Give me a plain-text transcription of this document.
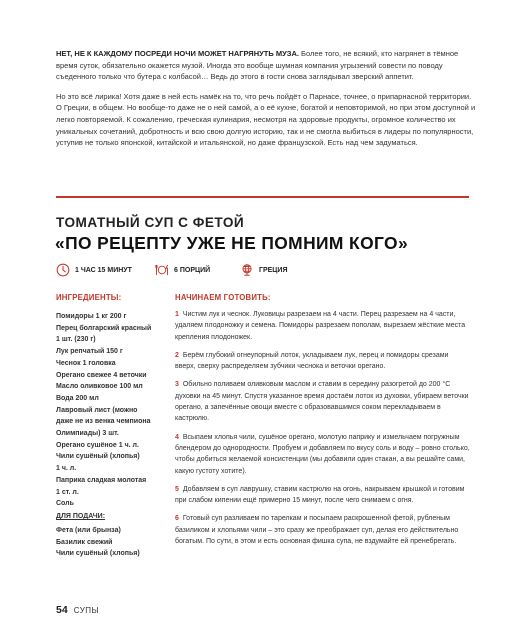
НЕТ, НЕ К КАЖДОМУ ПОСРЕДИ НОЧИ МОЖЕТ НАГРЯНУТЬ МУЗА. Более того, не всякий, кто нагрянет в тёмное время суток, обязательно окажется музой. Иногда это вообще шумная компания угрызений совести по поводу съеденного только что бутера с колбасой… Ведь до этого в гости снова заглядывал зверский аппетит.

Но это всё лирика! Хотя даже в ней есть намёк на то, что речь пойдёт о Парнасе, точнее, о припарнасной территории. О Греции, в общем. Но вообще-то даже не о ней самой, а о её кухне, богатой и неповторимой, но при этом доступной и легко повторяемой. К сожалению, греческая кулинария, несмотря на здоровые продукты, огромное количество их уникальных сочетаний, добротность и всю свою долгую историю, так и не смогла выбиться в лидеры по популярности, уступив не только японской, китайской и итальянской, но даже французской. Есть над чем задуматься.

ТОМАТНЫЙ СУП С ФЕТОЙ
«ПО РЕЦЕПТУ УЖЕ НЕ ПОМНИМ КОГО»
1 ЧАС 15 МИНУТ	6 ПОРЦИЙ	ГРЕЦИЯ
ИНГРЕДИЕНТЫ:	НАЧИНАЕМ ГОТОВИТЬ:
Помидоры 1 кг 200 г
Перец болгарский красный
1 шт. (230 г)
Лук репчатый 150 г
Чеснок 1 головка
Орегано свежее 4 веточки
Масло оливковое 100 мл
Вода 200 мл
Лавровый лист (можно
даже не из венка чемпиона
Олимпиады) 3 шт.
Орегано сушёное 1 ч. л.
Чили сушёный (хлопья)
1 ч. л.
Паприка сладкая молотая
1 ст. л.
Соль
ДЛЯ ПОДАЧИ:
Фета (или брынза)
Базилик свежий
Чили сушёный (хлопья)

1 Чистим лук и чеснок. Луковицы разрезаем на 4 части. Перец разрезаем на 4 части, удаляем плодоножку и семена. Помидоры разрезаем пополам, вырезаем жёсткие места крепления плодоножек.

2 Берём глубокий огнеупорный лоток, укладываем лук, перец и помидоры срезами вверх, сверху распределяем зубчики чеснока и веточки орегано.

3 Обильно поливаем оливковым маслом и ставим в середину разогретой до 200 °С духовки на 45 минут. Спустя указанное время достаём лоток из духовки, убираем веточки орегано, а запечённые овощи вместе с образовавшимся соком перекладываем в кастрюлю.

4 Всыпаем хлопья чили, сушёное орегано, молотую паприку и измельчаем погружным блендером до однородности. Пробуем и добавляем по вкусу соль и воду – ровно столько, чтобы добиться желаемой консистенции (мы добавили один стакан, а вы решайте сами, какую густоту хотите).

5 Добавляем в суп лаврушку, ставим кастрюлю на огонь, накрываем крышкой и готовим при слабом кипении ещё примерно 15 минут, после чего снимаем с огня.

6 Готовый суп разливаем по тарелкам и посыпаем раскрошенной фетой, рубленым базиликом и хлопьями чили – это сразу же преображает суп, делая его действительно богатым. По сути, в этом и есть основная фишка супа, не вздумайте ей пренебрегать.

54 СУПЫ
